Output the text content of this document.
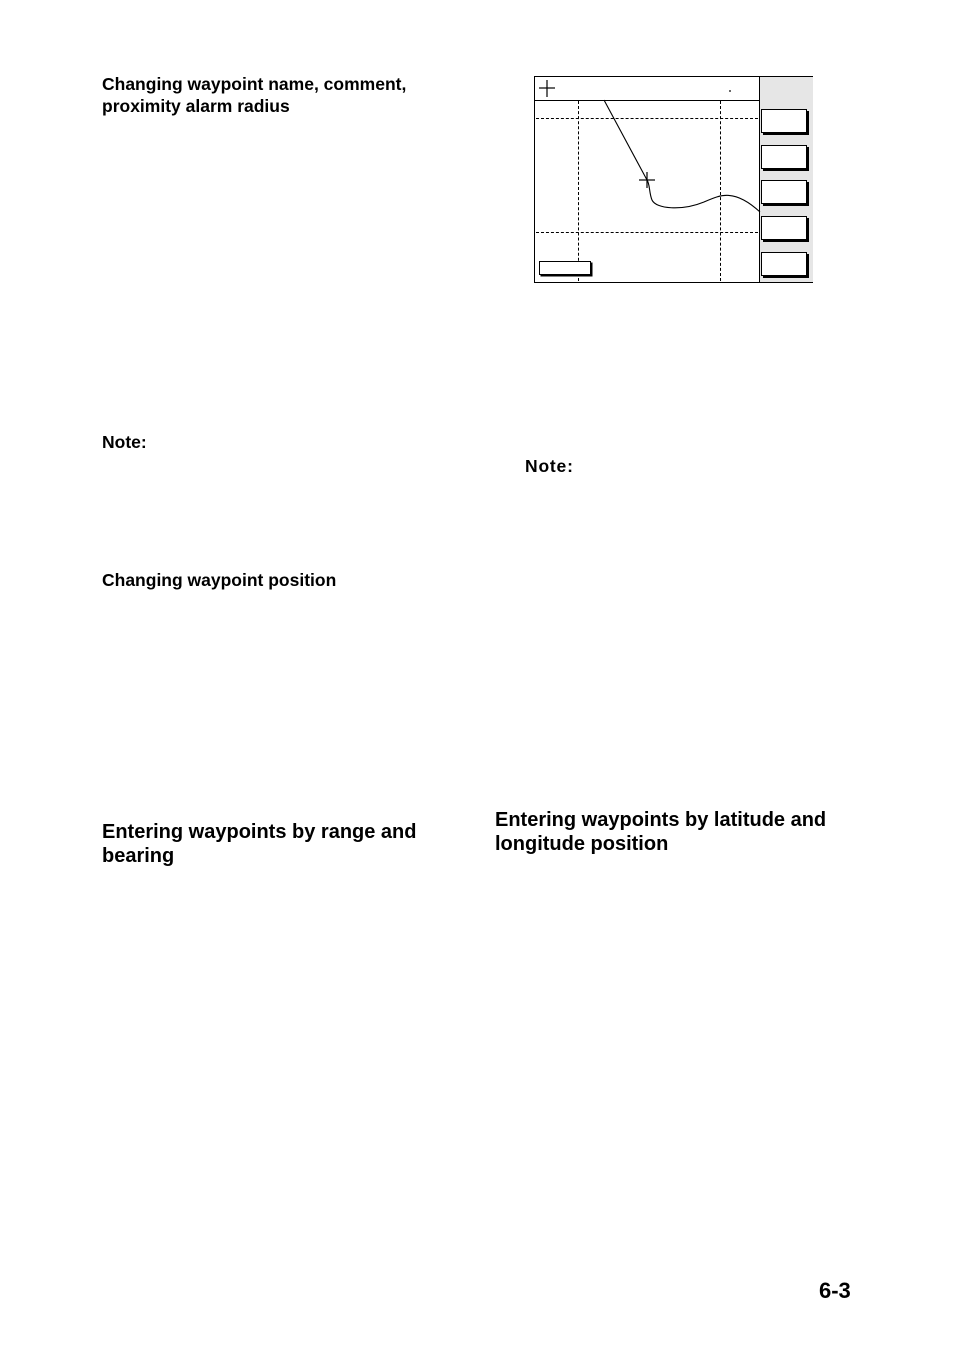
Changing waypoint name, comment, proximity alarm radius
Note:
Changing waypoint position
Entering waypoints by range and bearing
Note:
Entering waypoints by latitude and longitude position
6-3
